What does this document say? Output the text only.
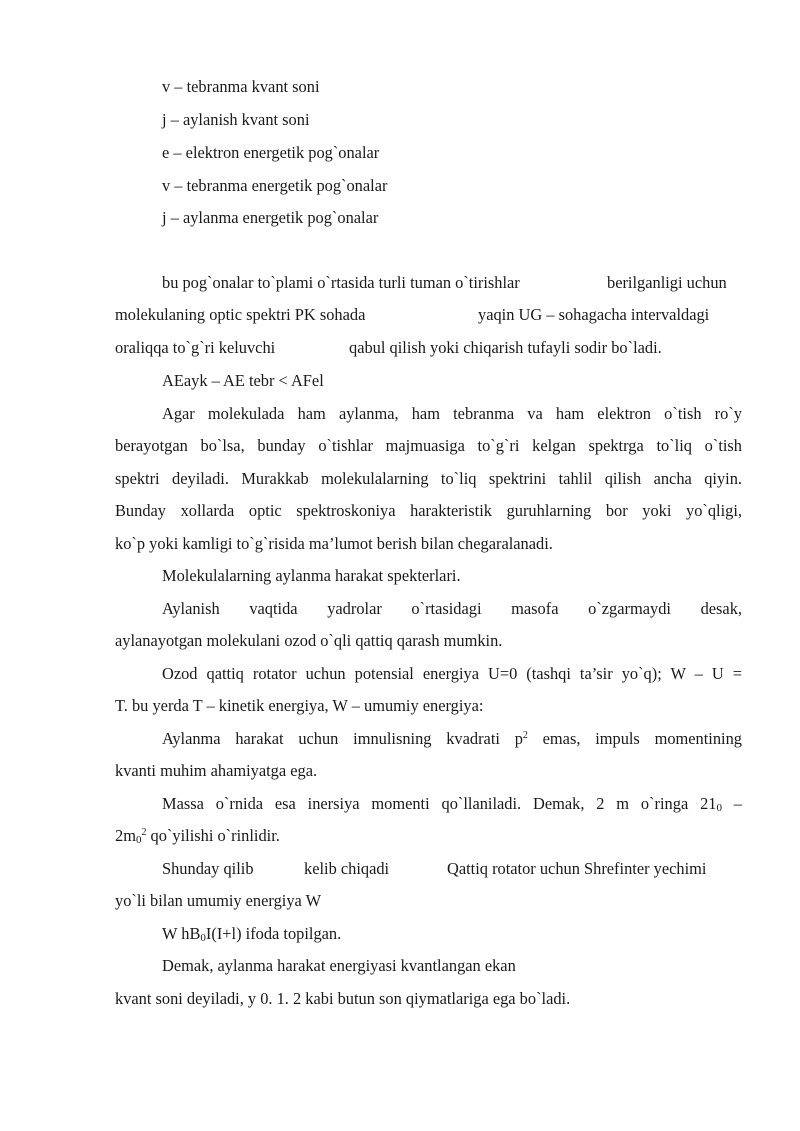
v – tebranma kvant soni
j – aylanish kvant soni
e – elektron energetik pog`onalar
v – tebranma energetik pog`onalar
j – aylanma energetik pog`onalar
bu pog`onalar to`plami o`rtasida turli tuman o`tirishlar	berilganligi uchun
molekulaning optic spektri PK sohada	yaqin UG – sohagacha intervaldagi
oraliqqa to`g`ri keluvchi	qabul qilish yoki chiqarish tufayli sodir bo`ladi.
AEayk – AE tebr < AFel
Agar molekulada ham aylanma, ham tebranma va ham elektron o`tish ro`y
berayotgan bo`lsa, bunday o`tishlar majmuasiga to`g`ri kelgan spektrga to`liq o`tish
spektri deyiladi. Murakkab molekulalarning to`liq spektrini tahlil qilish ancha qiyin.
Bunday xollarda optic spektroskoniya harakteristik guruhlarning bor yoki yo`qligi,
ko`p yoki kamligi to`g`risida ma’lumot berish bilan chegaralanadi.
Molekulalarning aylanma harakat spekterlari.
Aylanish vaqtida yadrolar o`rtasidagi masofa o`zgarmaydi desak,
aylanayotgan molekulani ozod o`qli qattiq qarash mumkin.
Ozod qattiq rotator uchun potensial energiya U=0 (tashqi ta’sir yo`q); W – U =
T. bu yerda T – kinetik energiya, W – umumiy energiya:
Aylanma harakat uchun imnulisning kvadrati $p^2$ emas, impuls momentining
kvanti muhim ahamiyatga ega.
Massa o`rnida esa inersiya momenti qo`llaniladi. Demak, 2 m o`ringa $21_0$ –
$2m_0^2$ qo`yilishi o`rinlidir.
Shunday qilib	kelib chiqadi	Qattiq rotator uchun Shrefinter yechimi
yo`li bilan umumiy energiya W
W $hB_0I(I+l)$ ifoda topilgan.
Demak, aylanma harakat energiyasi kvantlangan ekan
kvant soni deyiladi, y 0. 1. 2 kabi butun son qiymatlariga ega bo`ladi.
